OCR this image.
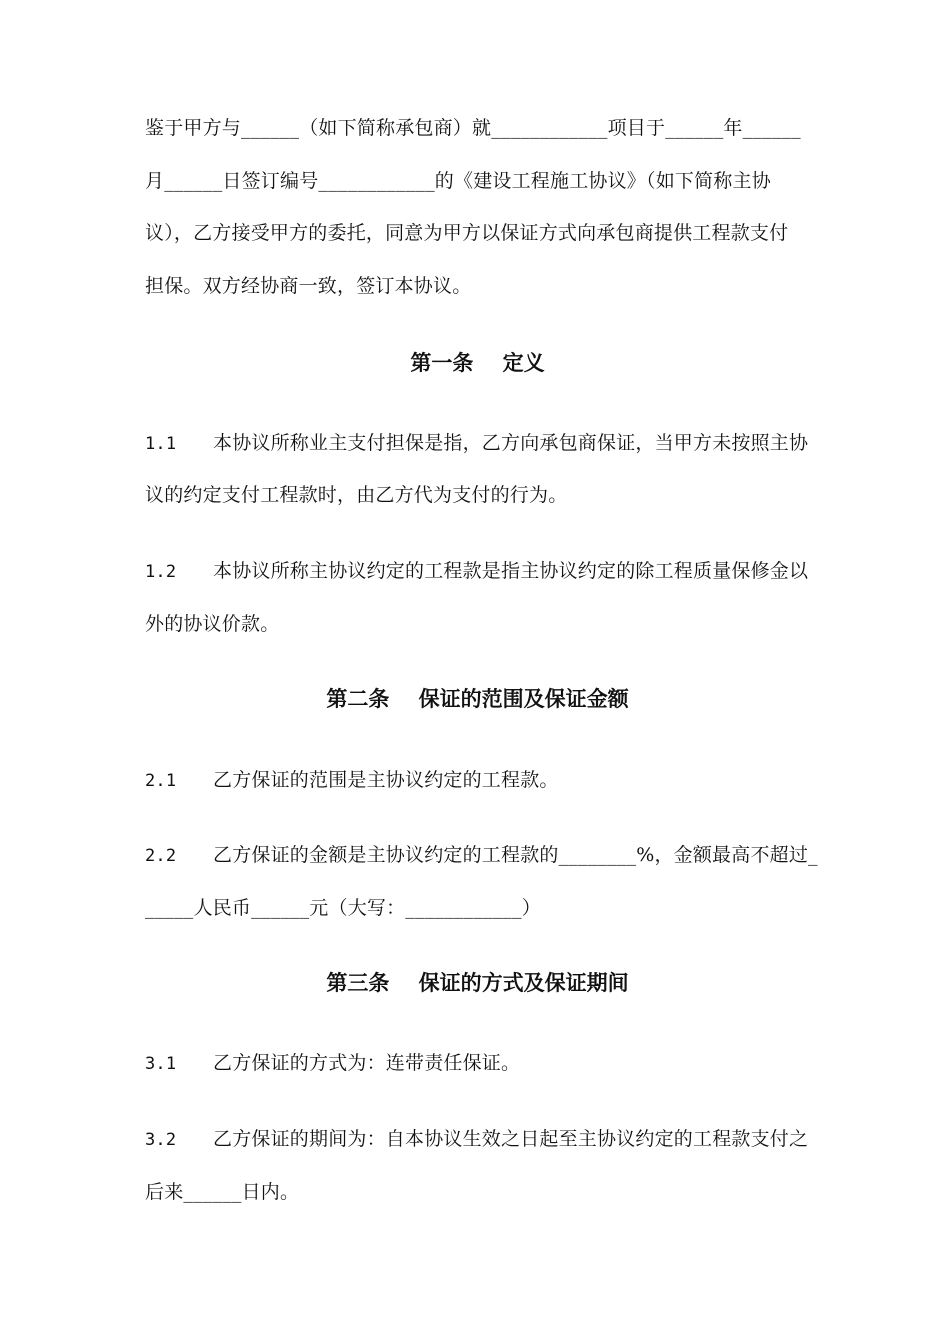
鉴于甲方与______（如下简称承包商）就____________项目于______年______
月______日签订编号____________的《建设工程施工协议》（如下简称主协
议），乙方接受甲方的委托，同意为甲方以保证方式向承包商提供工程款支付
担保。双方经协商一致，签订本协议。
第一条    定义
1.1 本协议所称业主支付担保是指，乙方向承包商保证，当甲方未按照主协
议的约定支付工程款时，由乙方代为支付的行为。
1.2 本协议所称主协议约定的工程款是指主协议约定的除工程质量保修金以
外的协议价款。
第二条    保证的范围及保证金额
2.1 乙方保证的范围是主协议约定的工程款。
2.2 乙方保证的金额是主协议约定的工程款的________%，金额最高不超过_
_____人民币______元（大写：____________）
第三条    保证的方式及保证期间
3.1 乙方保证的方式为：连带责任保证。
3.2 乙方保证的期间为：自本协议生效之日起至主协议约定的工程款支付之
后来______日内。
